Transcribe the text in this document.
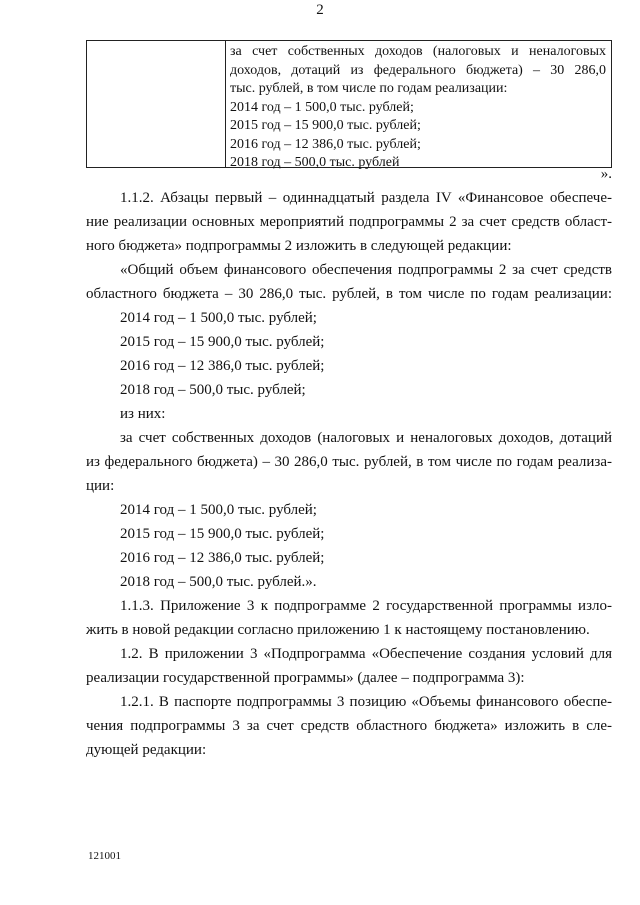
2
за счет собственных доходов (налоговых и неналоговых
доходов, дотаций из федерального бюджета) – 30 286,0
тыс. рублей, в том числе по годам реализации:
2014 год – 1 500,0 тыс. рублей;
2015 год – 15 900,0 тыс. рублей;
2016 год – 12 386,0 тыс. рублей;
2018 год – 500,0 тыс. рублей
».
1.1.2. Абзацы первый – одиннадцатый раздела IV «Финансовое обеспече-
ние реализации основных мероприятий подпрограммы 2 за счет средств област-
ного бюджета» подпрограммы 2 изложить в следующей редакции:
«Общий объем финансового обеспечения подпрограммы 2 за счет средств
областного бюджета – 30 286,0 тыс. рублей, в том числе по годам реализации:
2014 год – 1 500,0 тыс. рублей;
2015 год – 15 900,0 тыс. рублей;
2016 год – 12 386,0 тыс. рублей;
2018 год – 500,0 тыс. рублей;
из них:
за счет собственных доходов (налоговых и неналоговых доходов, дотаций
из федерального бюджета) – 30 286,0 тыс. рублей, в том числе по годам реализа-
ции:
2014 год – 1 500,0 тыс. рублей;
2015 год – 15 900,0 тыс. рублей;
2016 год – 12 386,0 тыс. рублей;
2018 год – 500,0 тыс. рублей.».
1.1.3. Приложение 3 к подпрограмме 2 государственной программы изло-
жить в новой редакции согласно приложению 1 к настоящему постановлению.
1.2. В приложении 3 «Подпрограмма «Обеспечение создания условий для
реализации государственной программы» (далее – подпрограмма 3):
1.2.1. В паспорте подпрограммы 3 позицию «Объемы финансового обеспе-
чения подпрограммы 3 за счет средств областного бюджета» изложить в сле-
дующей редакции:
121001
